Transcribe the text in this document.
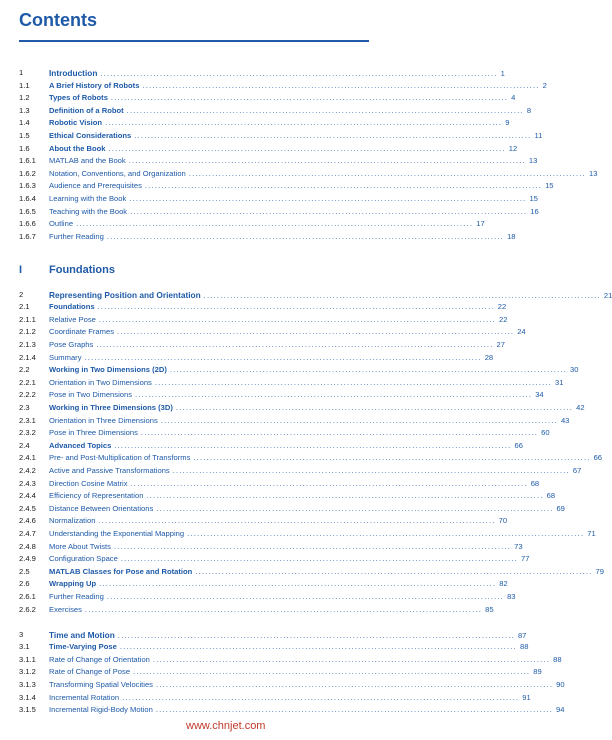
Contents
1	Introduction ........................................................................................................................ 1
1.1	A Brief History of Robots ........................................................................................................................ 2
1.2	Types of Robots ........................................................................................................................ 4
1.3	Definition of a Robot ........................................................................................................................ 8
1.4	Robotic Vision ........................................................................................................................ 9
1.5	Ethical Considerations ........................................................................................................................ 11
1.6	About the Book ........................................................................................................................ 12
1.6.1 MATLAB and the Book ........................................................................................................................ 13
1.6.2 Notation, Conventions, and Organization ........................................................................................................................ 13
1.6.3 Audience and Prerequisites ........................................................................................................................ 15
1.6.4 Learning with the Book ........................................................................................................................ 15
1.6.5 Teaching with the Book ........................................................................................................................ 16
1.6.6 Outline ........................................................................................................................ 17
1.6.7 Further Reading ........................................................................................................................ 18
I Foundations
2	Representing Position and Orientation ........................................................................................................................ 21
2.1	Foundations ........................................................................................................................ 22
2.1.1 Relative Pose ........................................................................................................................ 22
2.1.2 Coordinate Frames ........................................................................................................................ 24
2.1.3 Pose Graphs ........................................................................................................................ 27
2.1.4 Summary ........................................................................................................................ 28
2.2	Working in Two Dimensions (2D) ........................................................................................................................ 30
2.2.1 Orientation in Two Dimensions ........................................................................................................................ 31
2.2.2 Pose in Two Dimensions ........................................................................................................................ 34
2.3	Working in Three Dimensions (3D) ........................................................................................................................ 42
2.3.1 Orientation in Three Dimensions ........................................................................................................................ 43
2.3.2 Pose in Three Dimensions ........................................................................................................................ 60
2.4	Advanced Topics ........................................................................................................................ 66
2.4.1 Pre- and Post-Multiplication of Transforms ........................................................................................................................ 66
2.4.2 Active and Passive Transformations ........................................................................................................................ 67
2.4.3 Direction Cosine Matrix ........................................................................................................................ 68
2.4.4 Efficiency of Representation ........................................................................................................................ 68
2.4.5 Distance Between Orientations ........................................................................................................................ 69
2.4.6 Normalization ........................................................................................................................ 70
2.4.7 Understanding the Exponential Mapping ........................................................................................................................ 71
2.4.8 More About Twists ........................................................................................................................ 73
2.4.9 Configuration Space ........................................................................................................................ 77
2.5	MATLAB Classes for Pose and Rotation ........................................................................................................................ 79
2.6	Wrapping Up ........................................................................................................................ 82
2.6.1 Further Reading ........................................................................................................................ 83
2.6.2 Exercises ........................................................................................................................ 85
3	Time and Motion ........................................................................................................................ 87
3.1	Time-Varying Pose ........................................................................................................................ 88
3.1.1 Rate of Change of Orientation ........................................................................................................................ 88
3.1.2 Rate of Change of Pose ........................................................................................................................ 89
3.1.3 Transforming Spatial Velocities ........................................................................................................................ 90
3.1.4 Incremental Rotation ........................................................................................................................ 91
3.1.5 Incremental Rigid-Body Motion ........................................................................................................................ 94
www.chnjet.com
